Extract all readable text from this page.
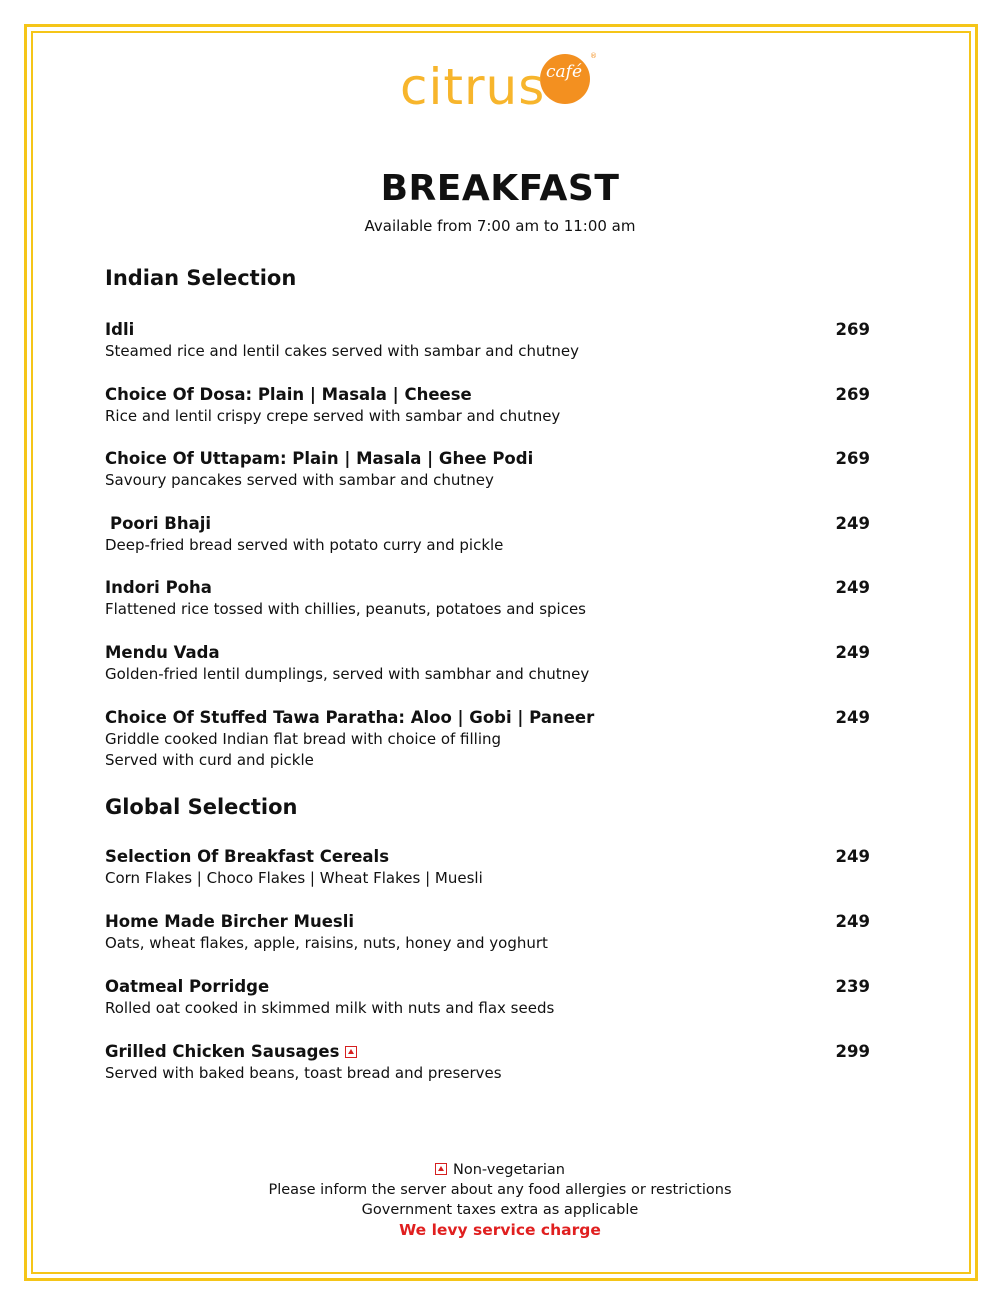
café
®
citrus
BREAKFAST
Available from 7:00 am to 11:00 am
Indian Selection
Idli
Steamed rice and lentil cakes served with sambar and chutney
269
Choice Of Dosa: Plain | Masala | Cheese
Rice and lentil crispy crepe served with sambar and chutney
269
Choice Of Uttapam: Plain | Masala | Ghee Podi
Savoury pancakes served with sambar and chutney
269
Poori Bhaji
Deep-fried bread served with potato curry and pickle
249
Indori Poha
Flattened rice tossed with chillies, peanuts, potatoes and spices
249
Mendu Vada
Golden-fried lentil dumplings, served with sambhar and chutney
249
Choice Of Stuffed Tawa Paratha: Aloo | Gobi | Paneer
Griddle cooked Indian flat bread with choice of filling
Served with curd and pickle
249
Global Selection
Selection Of Breakfast Cereals
Corn Flakes | Choco Flakes | Wheat Flakes | Muesli
249
Home Made Bircher Muesli
Oats, wheat flakes, apple, raisins, nuts, honey and yoghurt
249
Oatmeal Porridge
Rolled oat cooked in skimmed milk with nuts and flax seeds
239
Grilled Chicken Sausages
Served with baked beans, toast bread and preserves
299
Non-vegetarian
Please inform the server about any food allergies or restrictions
Government taxes extra as applicable
We levy service charge
